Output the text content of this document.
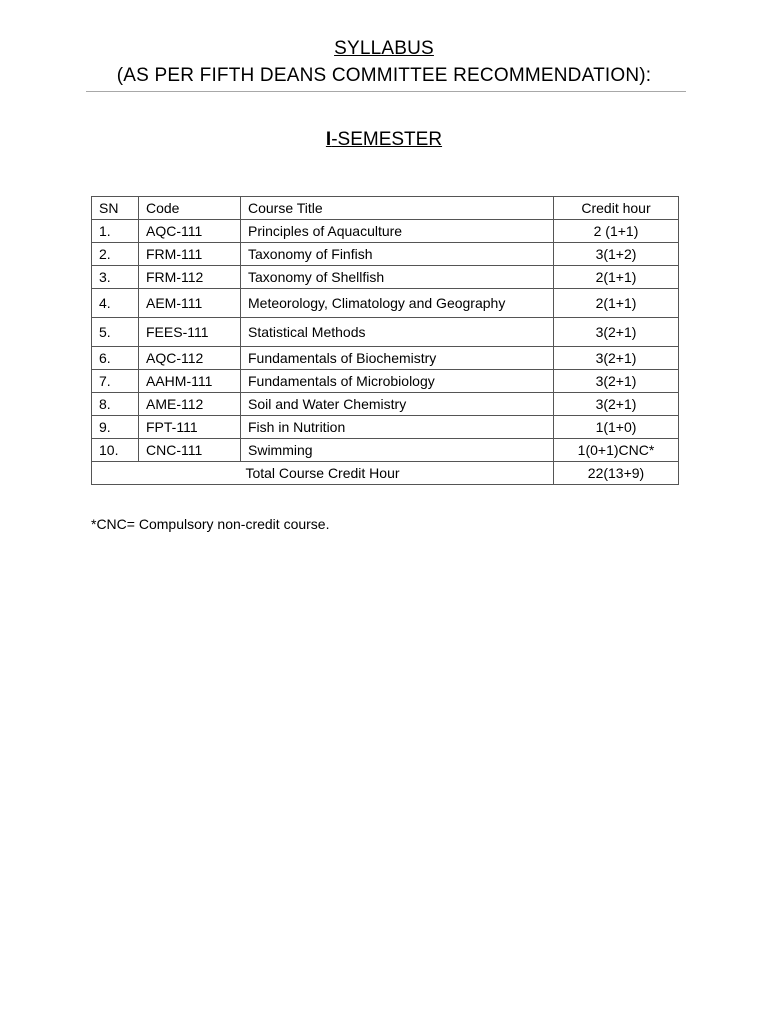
SYLLABUS
(AS PER FIFTH DEANS COMMITTEE RECOMMENDATION):
I-SEMESTER
SN	Code	Course Title	Credit hour
1.	AQC-111	Principles of Aquaculture	2 (1+1)
2.	FRM-111	Taxonomy of Finfish	3(1+2)
3.	FRM-112	Taxonomy of Shellfish	2(1+1)
4.	AEM-111	Meteorology, Climatology and Geography	2(1+1)
5.	FEES-111	Statistical Methods	3(2+1)
6.	AQC-112	Fundamentals of Biochemistry	3(2+1)
7.	AAHM-111	Fundamentals of Microbiology	3(2+1)
8.	AME-112	Soil and Water Chemistry	3(2+1)
9.	FPT-111	Fish in Nutrition	1(1+0)
10.	CNC-111	Swimming	1(0+1)CNC*
Total Course Credit Hour			22(13+9)
*CNC= Compulsory non-credit course.
